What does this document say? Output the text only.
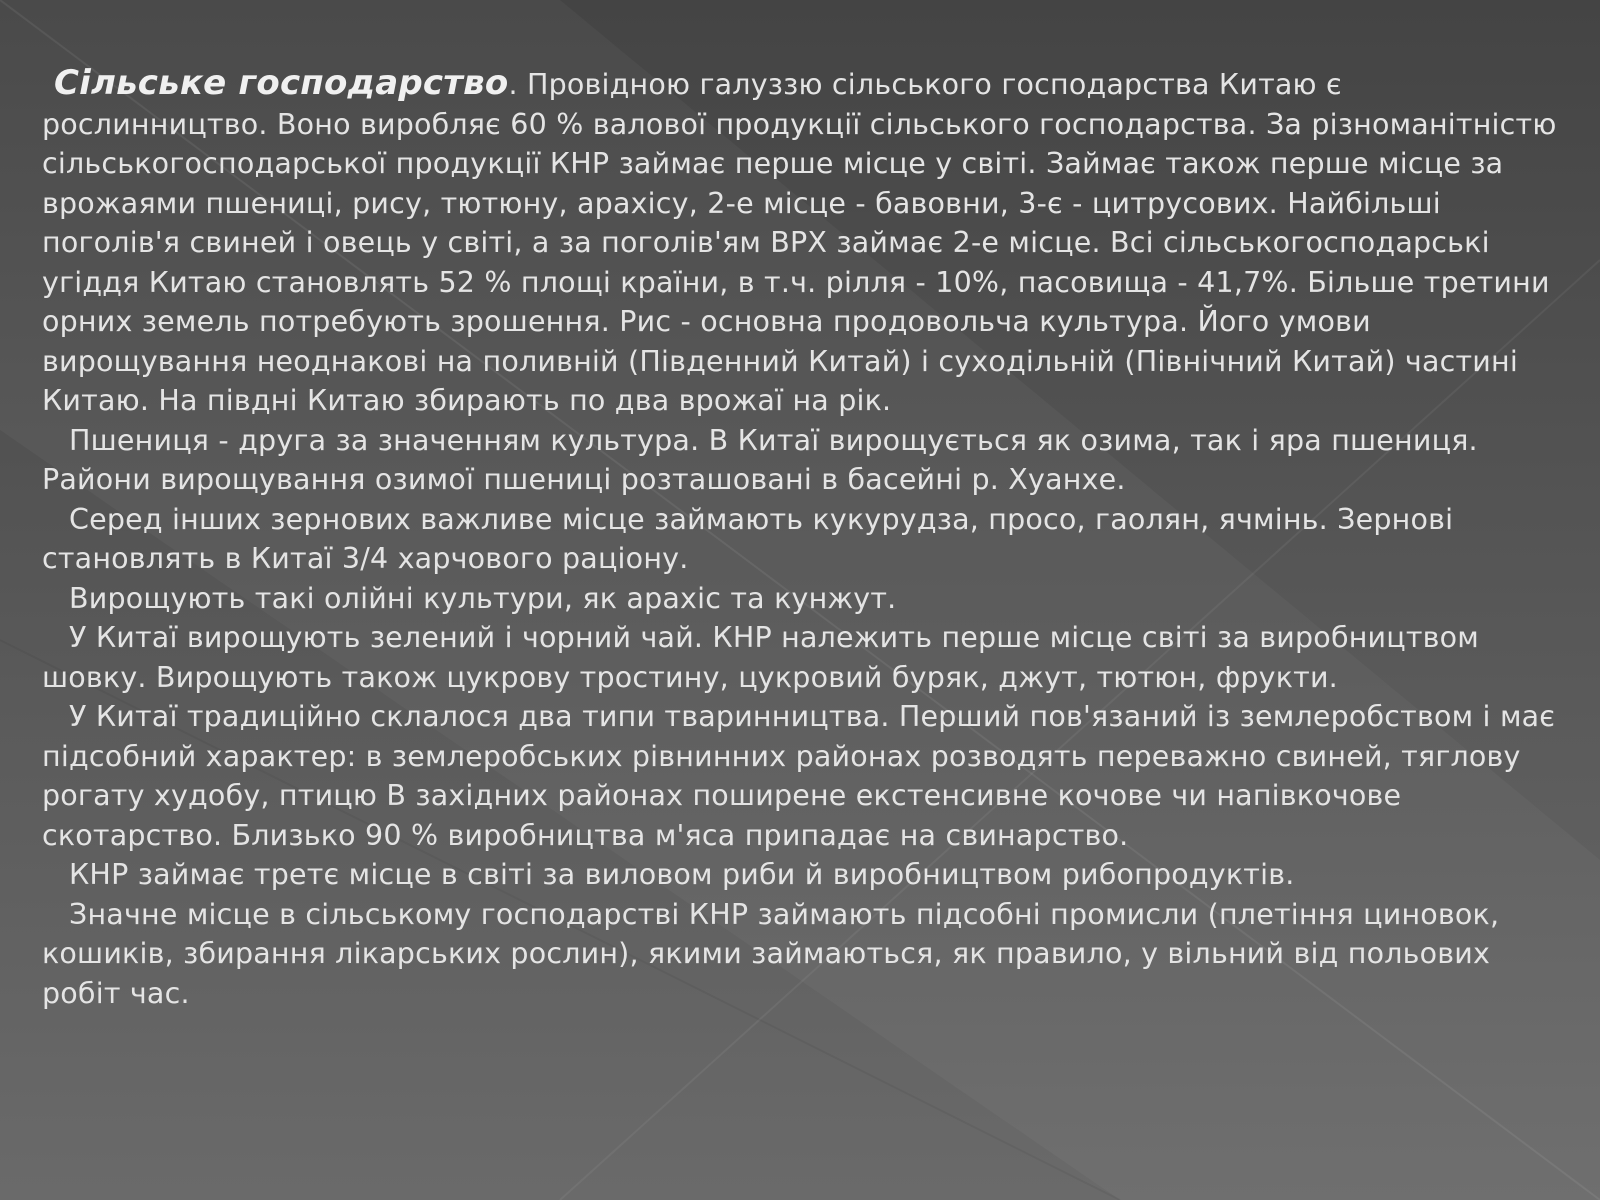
Сільське господарство. Провідною галуззю сільського господарства Китаю є рослинництво. Воно виробляє 60 % валової продукції сільського господарства. За різноманітністю сільськогосподарської продукції КНР займає перше місце у світі. Займає також перше місце за врожаями пшениці, рису, тютюну, арахісу, 2-е місце - бавовни, 3-є - цитрусових. Найбільші поголів'я свиней і овець у світі, а за поголів'ям ВРХ займає 2-е місце. Всі сільськогосподарські угіддя Китаю становлять 52 % площі країни, в т.ч. рілля - 10%, пасовища - 41,7%. Більше третини орних земель потребують зрошення. Рис - основна продовольча культура. Його умови вирощування неоднакові на поливній (Південний Китай) і суходільній (Північний Китай) частині Китаю. На півдні Китаю збирають по два врожаї на рік.

Пшениця - друга за значенням культура. В Китаї вирощується як озима, так і яра пшениця. Райони вирощування озимої пшениці розташовані в басейні р. Хуанхе.

Серед інших зернових важливе місце займають кукурудза, просо, гаолян, ячмінь. Зернові становлять в Китаї 3/4 харчового раціону.

Вирощують такі олійні культури, як арахіс та кунжут.

У Китаї вирощують зелений і чорний чай. КНР належить перше місце світі за виробництвом шовку. Вирощують також цукрову тростину, цукровий буряк, джут, тютюн, фрукти.

У Китаї традиційно склалося два типи тваринництва. Перший пов'язаний із землеробством і має підсобний характер: в землеробських рівнинних районах розводять переважно свиней, тяглову рогату худобу, птицю В західних районах поширене екстенсивне кочове чи напівкочове скотарство. Близько 90 % виробництва м'яса припадає на свинарство.

КНР займає третє місце в світі за виловом риби й виробництвом рибопродуктів.

Значне місце в сільському господарстві КНР займають підсобні промисли (плетіння циновок, кошиків, збирання лікарських рослин), якими займаються, як правило, у вільний від польових робіт час.
